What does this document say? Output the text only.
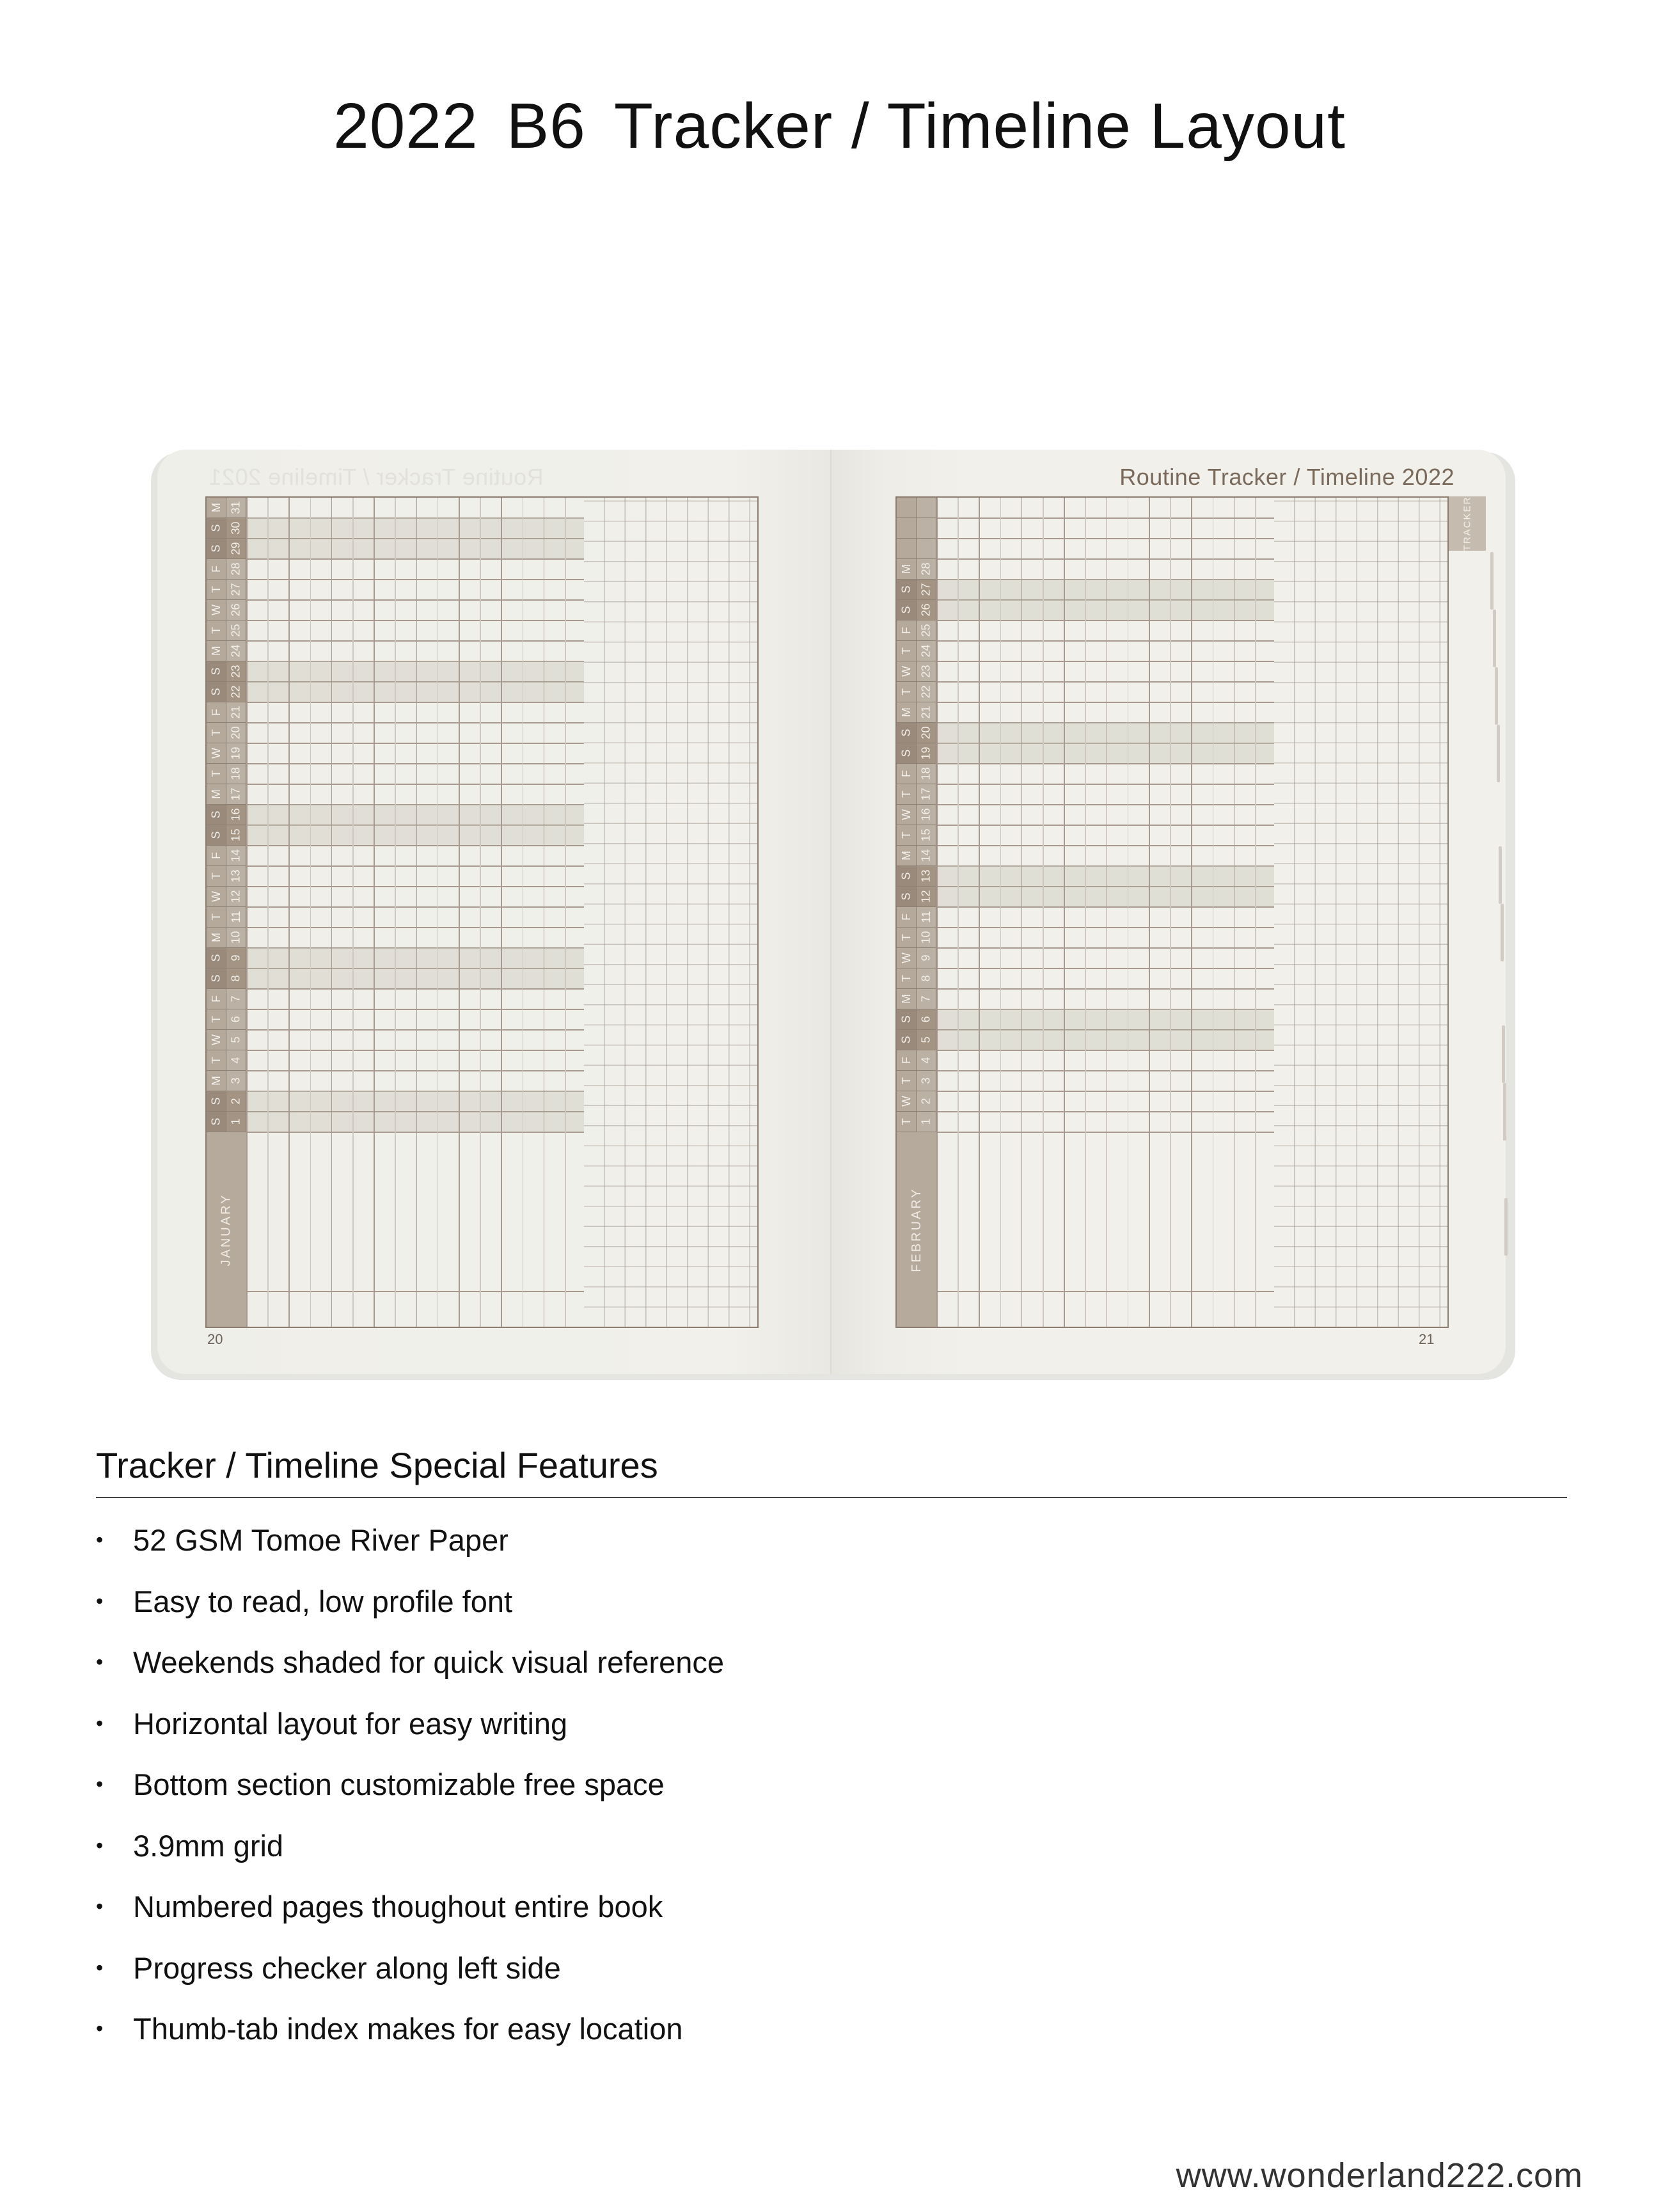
2022 B6 Tracker / Timeline Layout
Routine Tracker / Timeline 2021
M 31
S 30
S 29
F 28
T 27
W 26
T 25
M 24
S 23
S 22
F 21
T 20
W 19
T 18
M 17
S 16
S 15
F 14
T 13
W 12
T 11
M 10
S 9
S 8
F 7
T 6
W 5
T 4
M 3
S 2
S 1
JANUARY
20
Routine Tracker / Timeline 2022
M 28
S 27
S 26
F 25
T 24
W 23
T 22
M 21
S 20
S 19
F 18
T 17
W 16
T 15
M 14
S 13
S 12
F 11
T 10
W 9
T 8
M 7
S 6
S 5
F 4
T 3
W 2
T 1
FEBRUARY
TRACKER
21
Tracker / Timeline Special Features
• 52 GSM Tomoe River Paper
• Easy to read, low profile font
• Weekends shaded for quick visual reference
• Horizontal layout for easy writing
• Bottom section customizable free space
• 3.9mm grid
• Numbered pages thoughout entire book
• Progress checker along left side
• Thumb-tab index makes for easy location
www.wonderland222.com
